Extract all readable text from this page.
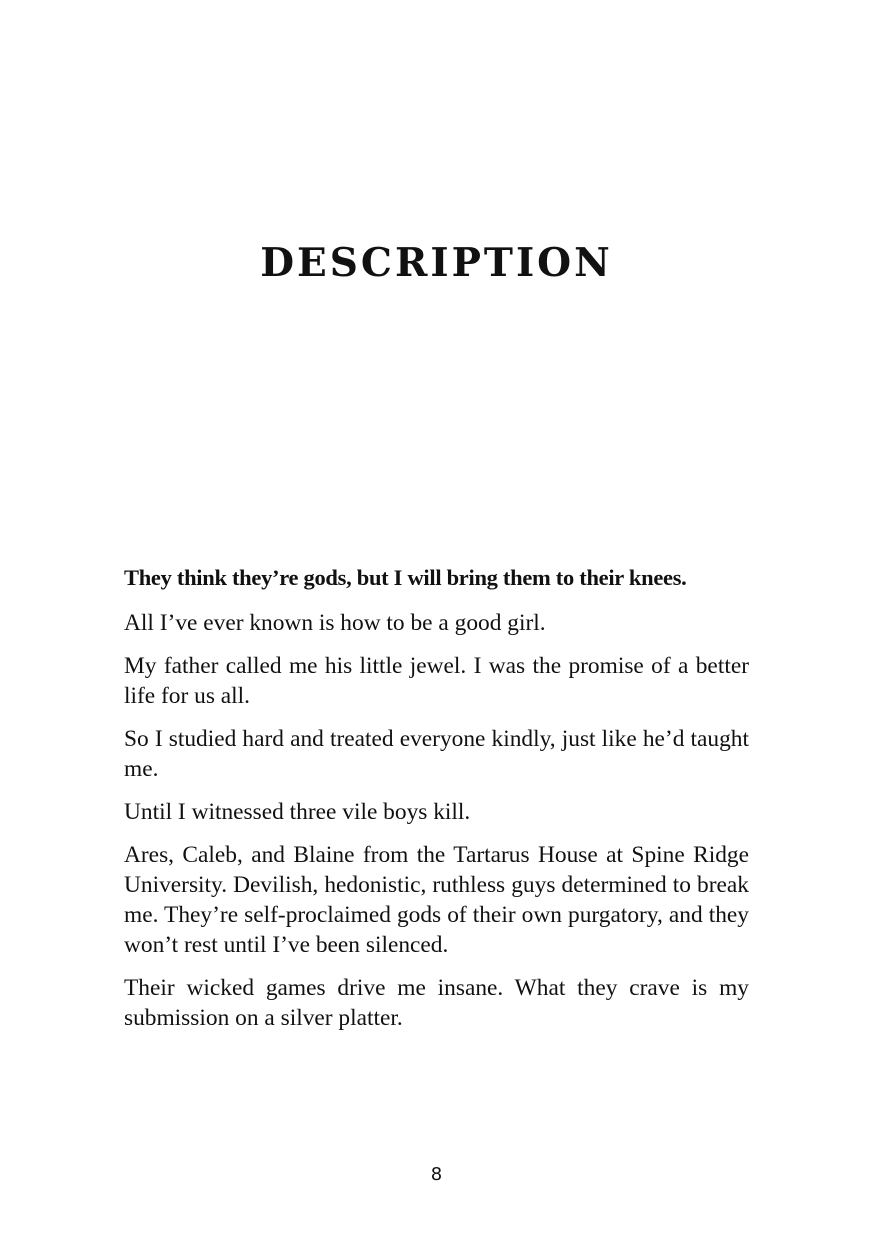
DESCRIPTION

They think they’re gods, but I will bring them to their knees.

All I’ve ever known is how to be a good girl.

My father called me his little jewel. I was the promise of a better life for us all.

So I studied hard and treated everyone kindly, just like he’d taught me.

Until I witnessed three vile boys kill.

Ares, Caleb, and Blaine from the Tartarus House at Spine Ridge University. Devilish, hedonistic, ruthless guys determined to break me. They’re self-proclaimed gods of their own purgatory, and they won’t rest until I’ve been silenced.

Their wicked games drive me insane. What they crave is my submission on a silver platter.

8
